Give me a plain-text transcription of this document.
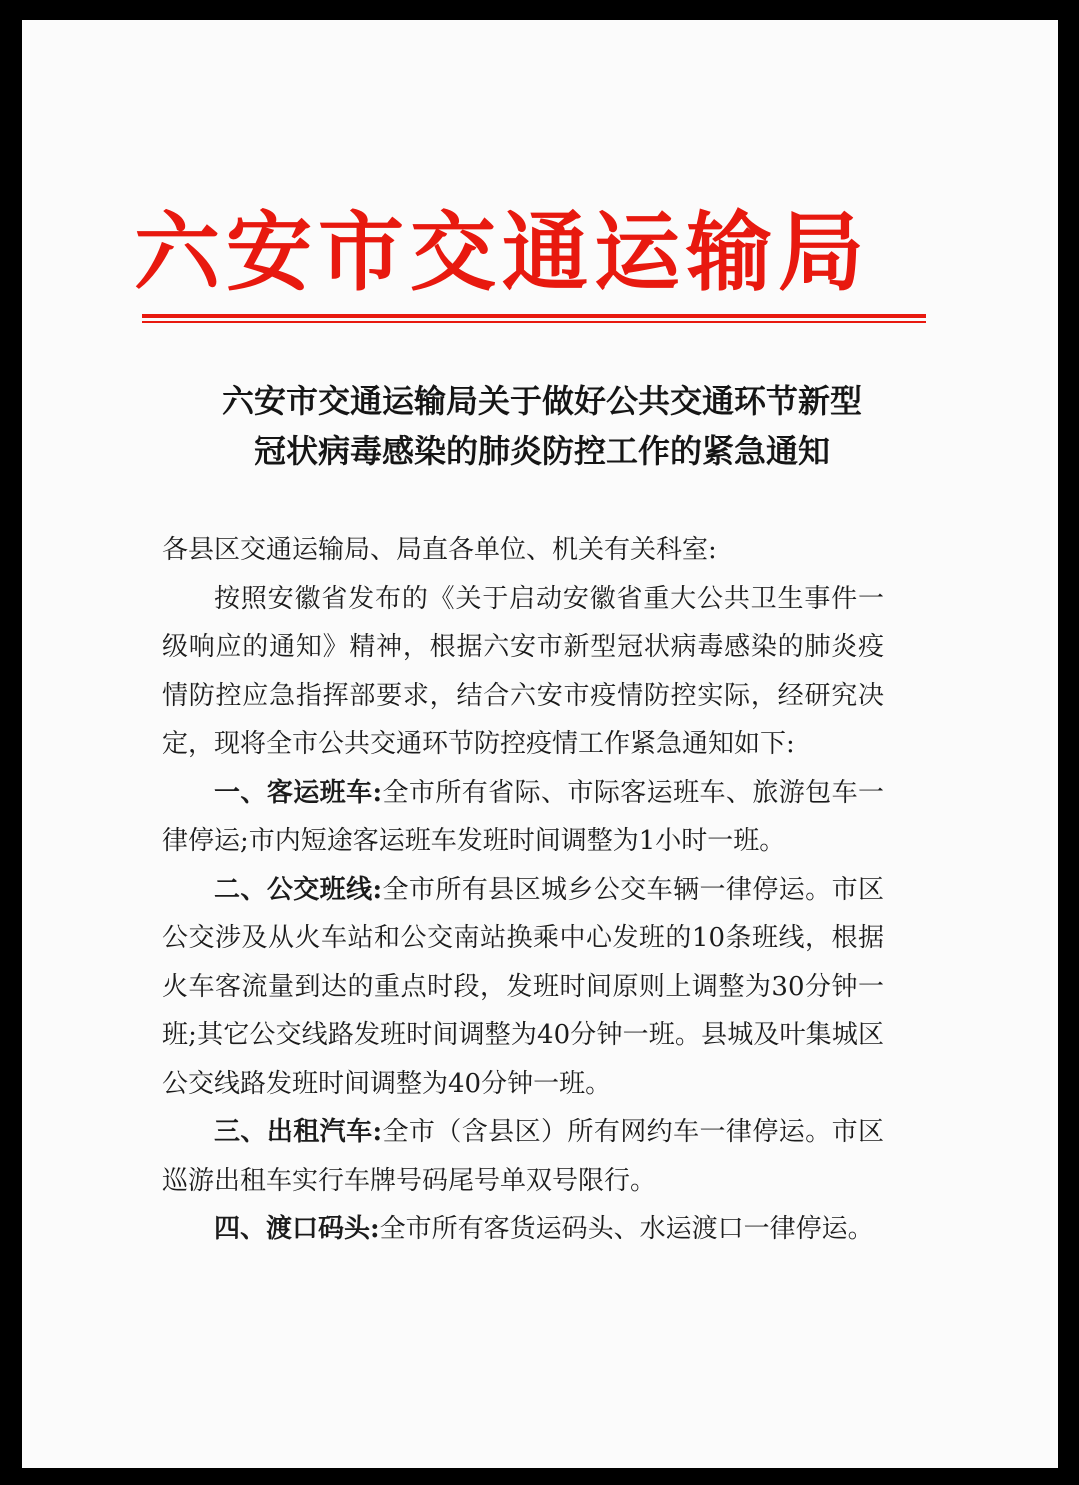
六安市交通运输局
六安市交通运输局关于做好公共交通环节新型
冠状病毒感染的肺炎防控工作的紧急通知

各县区交通运输局、局直各单位、机关有关科室:

按照安徽省发布的《关于启动安徽省重大公共卫生事件一级响应的通知》精神，根据六安市新型冠状病毒感染的肺炎疫情防控应急指挥部要求，结合六安市疫情防控实际，经研究决定，现将全市公共交通环节防控疫情工作紧急通知如下:

一、客运班车:全市所有省际、市际客运班车、旅游包车一律停运;市内短途客运班车发班时间调整为1小时一班。

二、公交班线:全市所有县区城乡公交车辆一律停运。市区公交涉及从火车站和公交南站换乘中心发班的10条班线，根据火车客流量到达的重点时段，发班时间原则上调整为30分钟一班;其它公交线路发班时间调整为40分钟一班。县城及叶集城区公交线路发班时间调整为40分钟一班。

三、出租汽车:全市（含县区）所有网约车一律停运。市区巡游出租车实行车牌号码尾号单双号限行。

四、渡口码头:全市所有客货运码头、水运渡口一律停运。
